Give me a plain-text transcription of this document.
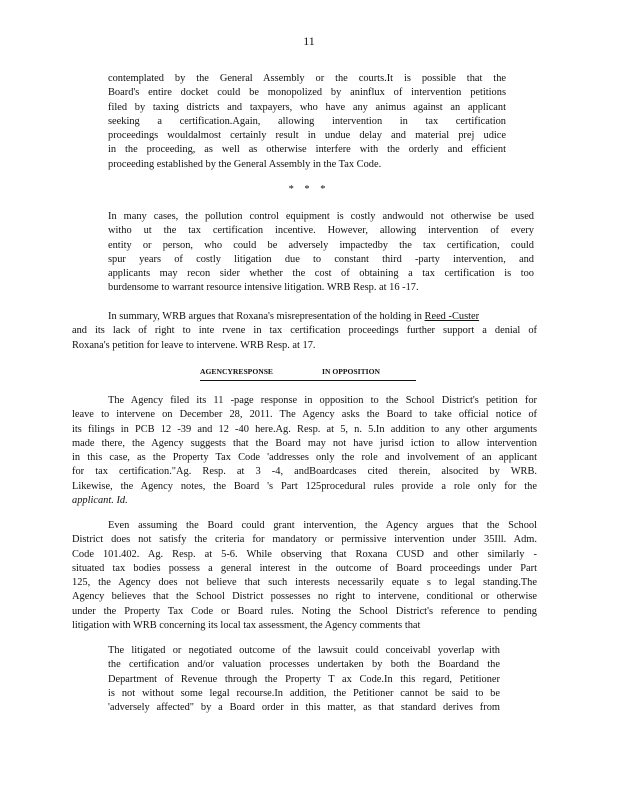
11
contemplated by the General Assembly or the courts.It is possible that the
Board's entire docket could be monopolized by aninflux of intervention petitions
filed by taxing districts and taxpayers, who have any animus against an applicant
seeking a certification.Again, allowing intervention in tax certification
proceedings wouldalmost certainly result in undue delay and material prej udice
in the proceeding, as well as otherwise interfere with the orderly and efficient
proceeding established by the General Assembly in the Tax Code.
* * *
In many cases, the pollution control equipment is costly andwould not otherwise be used
witho ut the tax certification incentive. However, allowing intervention of every
entity or person, who could be adversely impactedby the tax certification, could
spur years of costly litigation due to constant third -party intervention, and
applicants may recon sider whether the cost of obtaining a tax certification is too
burdensome to warrant resource intensive litigation. WRB Resp. at 16 -17.
In summary, WRB argues that Roxana's misrepresentation of the holding in Reed -Custer
and its lack of right to inte rvene in tax certification proceedings further support a denial of
Roxana's petition for leave to intervene. WRB Resp. at 17.
AGENCYRESPONSE	IN OPPOSITION
The Agency filed its 11 -page response in opposition to the School District's petition for
leave to intervene on December 28, 2011. The Agency asks the Board to take official notice of
its filings in PCB 12 -39 and 12 -40 here.Ag. Resp. at 5, n. 5.In addition to any other arguments
made there, the Agency suggests that the Board may not have jurisd iction to allow intervention
in this case, as the Property Tax Code 'addresses only the role and involvement of an applicant
for tax certification."Ag. Resp. at 3 -4, andBoardcases cited therein, alsocited by WRB.
Likewise, the Agency notes, the Board 's Part 125procedural rules provide a role only for the
applicant. Id.
Even assuming the Board could grant intervention, the Agency argues that the School
District does not satisfy the criteria for mandatory or permissive intervention under 35Ill. Adm.
Code 101.402. Ag. Resp. at 5-6. While observing that Roxana CUSD and other similarly -
situated tax bodies possess a general interest in the outcome of Board proceedings under Part
125, the Agency does not believe that such interests necessarily equate s to legal standing.The
Agency believes that the School District possesses no right to intervene, conditional or otherwise
under the Property Tax Code or Board rules. Noting the School District's reference to pending
litigation with WRB concerning its local tax assessment, the Agency comments that
The litigated or negotiated outcome of the lawsuit could conceivabl yoverlap with
the certification and/or valuation processes undertaken by both the Boardand the
Department of Revenue through the Property T ax Code.In this regard, Petitioner
is not without some legal recourse.In addition, the Petitioner cannot be said to be
'adversely affected" by a Board order in this matter, as that standard derives from
